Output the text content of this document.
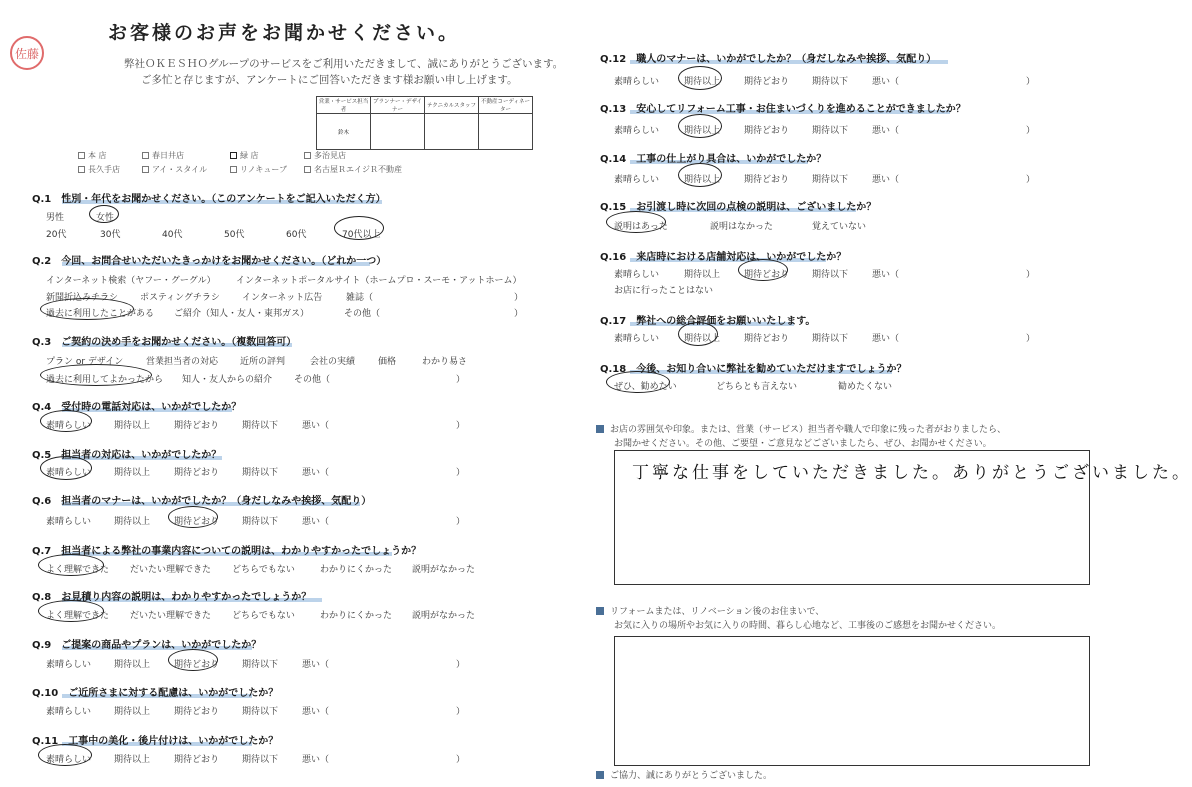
佐藤
お客様のお声をお聞かせください。
弊社ＯＫＥＳＨＯグループのサービスをご利用いただきまして、誠にありがとうございます。
ご多忙と存じますが、アンケートにご回答いただきます様お願い申し上げます。
営業・サービス担当者	プランナー・デザイナー	テクニカルスタッフ	不動産コーディネーター
鈴木			
本 店	春日井店	緑 店	多治見店
長久手店	アイ・スタイル	リノキューブ	名古屋ＲエイジＲ不動産
Q.1　 性別・年代をお聞かせください。（このアンケートをご記入いただく方）
男性	女性
20代	30代	40代	50代	60代	70代以上
Q.2　 今回、お問合せいただいたきっかけをお聞かせください。（どれか一つ）
インターネット検索（ヤフー・グーグル） インターネットポータルサイト（ホームプロ・スーモ・アットホーム）
新聞折込みチラシ ポスティングチラシ インターネット広告	雑誌（	）
過去に利用したことがある ご紹介（知人・友人・東邦ガス）	その他（	）
Q.3　 ご契約の決め手をお聞かせください。（複数回答可）
プラン or デザイン	営業担当者の対応 近所の評判	会社の実績	価格	わかり易さ
過去に利用してよかったから 知人・友人からの紹介 その他（	）
Q.4　 受付時の電話対応は、いかがでしたか？
素晴らしい	期待以上	期待どおり	期待以下	悪い（	）
Q.5　 担当者の対応は、いかがでしたか？
素晴らしい	期待以上	期待どおり	期待以下	悪い（	）
Q.6　 担当者のマナーは、いかがでしたか？（身だしなみや挨拶、気配り）
素晴らしい	期待以上	期待どおり	期待以下	悪い（	）
Q.7　 担当者による弊社の事業内容についての説明は、わかりやすかったでしょうか？
よく理解できた だいたい理解できた どちらでもない	わかりにくかった 説明がなかった
Q.8　 お見積り内容の説明は、わかりやすかったでしょうか？
よく理解できた だいたい理解できた どちらでもない	わかりにくかった 説明がなかった
Q.9　 ご提案の商品やプランは、いかがでしたか？
素晴らしい	期待以上	期待どおり	期待以下	悪い（	）
Q.10　 ご近所さまに対する配慮は、いかがでしたか？
素晴らしい	期待以上	期待どおり	期待以下	悪い（	）
Q.11　 工事中の美化・後片付けは、いかがでしたか？
素晴らしい	期待以上	期待どおり	期待以下	悪い（	）
Q.12　 職人のマナーは、いかがでしたか？（身だしなみや挨拶、気配り）
素晴らしい	期待以上	期待どおり	期待以下	悪い（	）
Q.13　 安心してリフォーム工事・お住まいづくりを進めることができましたか？
素晴らしい	期待以上	期待どおり	期待以下	悪い（	）
Q.14　 工事の仕上がり具合は、いかがでしたか？
素晴らしい	期待以上	期待どおり	期待以下	悪い（	）
Q.15　 お引渡し時に次回の点検の説明は、ございましたか？
説明はあった	説明はなかった	覚えていない
Q.16　 来店時における店舗対応は、いかがでしたか？
素晴らしい	期待以上	期待どおり	期待以下	悪い（	）
お店に行ったことはない
Q.17　 弊社への総合評価をお願いいたします。
素晴らしい	期待以上	期待どおり	期待以下	悪い（	）
Q.18　 今後、お知り合いに弊社を勧めていただけますでしょうか？
ぜひ、勧めたい	どちらとも言えない	勧めたくない
お店の雰囲気や印象。または、営業（サービス）担当者や職人で印象に残った者がおりましたら、
お聞かせください。その他、ご要望・ご意見などございましたら、ぜひ、お聞かせください。
丁寧な仕事をしていただきました。ありがとうございました。
リフォームまたは、リノベーション後のお住まいで、
お気に入りの場所やお気に入りの時間、暮らし心地など、工事後のご感想をお聞かせください。
ご協力、誠にありがとうございました。
